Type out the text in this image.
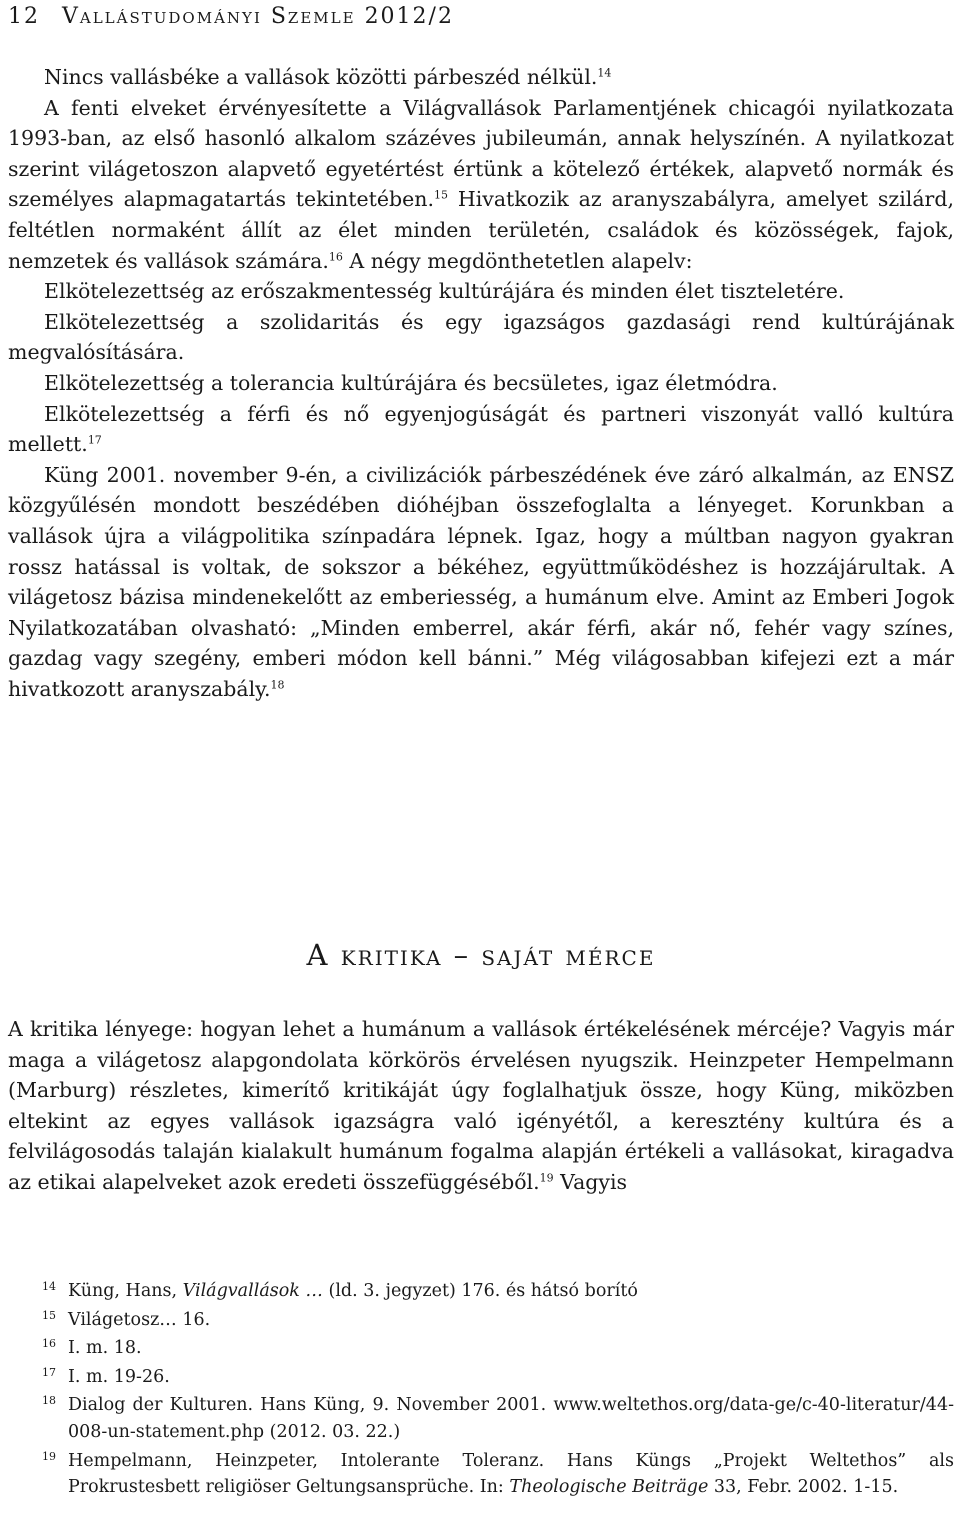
12 Vallástudományi Szemle 2012/2

Nincs vallásbéke a vallások közötti párbeszéd nélkül.$^{14}$

A fenti elveket érvényesítette a Világvallások Parlamentjének chicagói nyilatkozata 1993-ban, az első hasonló alkalom százéves jubileumán, annak helyszínén. A nyilatkozat szerint világetoszon alapvető egyetértést értünk a kötelező értékek, alapvető normák és személyes alapmagatartás tekintetében.$^{15}$ Hivatkozik az aranyszabályra, amelyet szilárd, feltétlen normaként állít az élet minden területén, családok és közösségek, fajok, nemzetek és vallások számára.$^{16}$ A négy megdönthetetlen alapelv:

Elkötelezettség az erőszakmentesség kultúrájára és minden élet tiszteletére.

Elkötelezettség a szolidaritás és egy igazságos gazdasági rend kultúrájának megvalósítására.

Elkötelezettség a tolerancia kultúrájára és becsületes, igaz életmódra.

Elkötelezettség a férfi és nő egyenjogúságát és partneri viszonyát valló kultúra mellett.$^{17}$

Küng 2001. november 9-én, a civilizációk párbeszédének éve záró alkalmán, az ENSZ közgyűlésén mondott beszédében dióhéjban összefoglalta a lényeget. Korunkban a vallások újra a világpolitika színpadára lépnek. Igaz, hogy a múltban nagyon gyakran rossz hatással is voltak, de sokszor a békéhez, együttműködéshez is hozzájárultak. A világetosz bázisa mindenekelőtt az emberiesség, a humánum elve. Amint az Emberi Jogok Nyilatkozatában olvasható: „Minden emberrel, akár férfi, akár nő, fehér vagy színes, gazdag vagy szegény, emberi módon kell bánni.” Még világosabban kifejezi ezt a már hivatkozott aranyszabály.$^{18}$

A kritika – saját mérce

A kritika lényege: hogyan lehet a humánum a vallások értékelésének mércéje? Vagyis már maga a világetosz alapgondolata körkörös érvelésen nyugszik. Heinzpeter Hempelmann (Marburg) részletes, kimerítő kritikáját úgy foglalhatjuk össze, hogy Küng, miközben eltekint az egyes vallások igazságra való igényétől, a keresztény kultúra és a felvilágosodás talaján kialakult humánum fogalma alapján értékeli a vallásokat, kiragadva az etikai alapelveket azok eredeti összefüggéséből.$^{19}$ Vagyis

14 Küng, Hans, Világvallások … (ld. 3. jegyzet) 176. és hátsó borító
15 Világetosz… 16.
16 I. m. 18.
17 I. m. 19-26.
18 Dialog der Kulturen. Hans Küng, 9. November 2001. www.weltethos.org/data-ge/c-40-literatur/44-008-un-statement.php (2012. 03. 22.)
19 Hempelmann, Heinzpeter, Intolerante Toleranz. Hans Küngs „Projekt Weltethos” als Prokrustesbett religiöser Geltungsansprüche. In: Theologische Beiträge 33, Febr. 2002. 1-15.
